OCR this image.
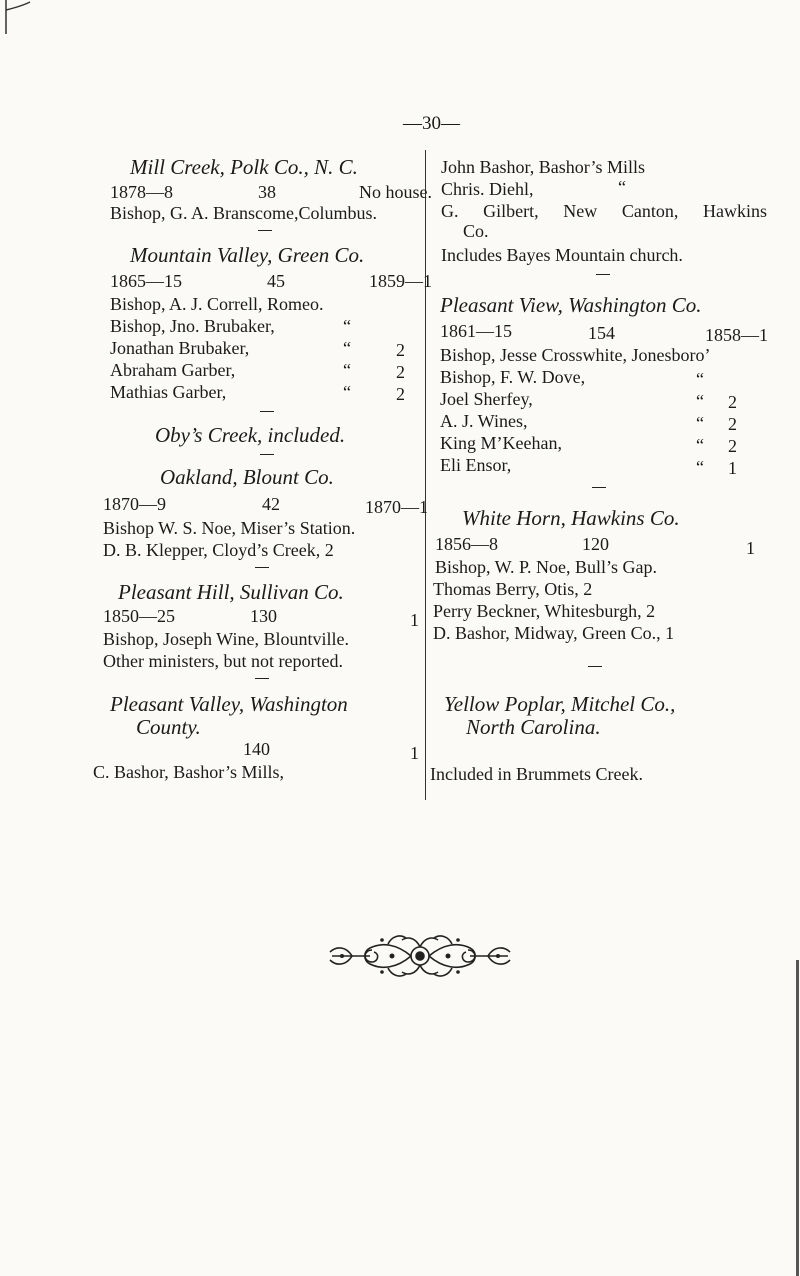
—30—
Mill Creek, Polk Co., N. C.
1878—8	38	No house.
Bishop, G. A. Branscome,Columbus.
Mountain Valley, Green Co.
1865—15	45	1859—1
Bishop, A. J. Correll, Romeo.
Bishop, Jno. Brubaker,	“
Jonathan Brubaker,	“	2
Abraham Garber,	“	2
Mathias Garber,	“	2
Oby’s Creek, included.
Oakland, Blount Co.
1870—9	42	1870—1
Bishop W. S. Noe, Miser’s Station.
D. B. Klepper, Cloyd’s Creek, 2
Pleasant Hill, Sullivan Co.
1850—25	130	1
Bishop, Joseph Wine, Blountville.
Other ministers, but not reported.
Pleasant Valley, Washington
County.
140	1
C. Bashor, Bashor’s Mills,
John Bashor, Bashor’s Mills
Chris. Diehl,	“
G. Gilbert, New Canton, Hawkins
Co.
Includes Bayes Mountain church.
Pleasant View, Washington Co.
1861—15	154	1858—1
Bishop, Jesse Crosswhite, Jonesboro’
Bishop, F. W. Dove,	“
Joel Sherfey,	“ 2
A. J. Wines,	“ 2
King M’Keehan,	“ 2
Eli Ensor,	“ 1
White Horn, Hawkins Co.
1856—8	120	1
Bishop, W. P. Noe, Bull’s Gap.
Thomas Berry, Otis, 2
Perry Beckner, Whitesburgh, 2
D. Bashor, Midway, Green Co., 1
Yellow Poplar, Mitchel Co.,
North Carolina.
Included in Brummets Creek.
